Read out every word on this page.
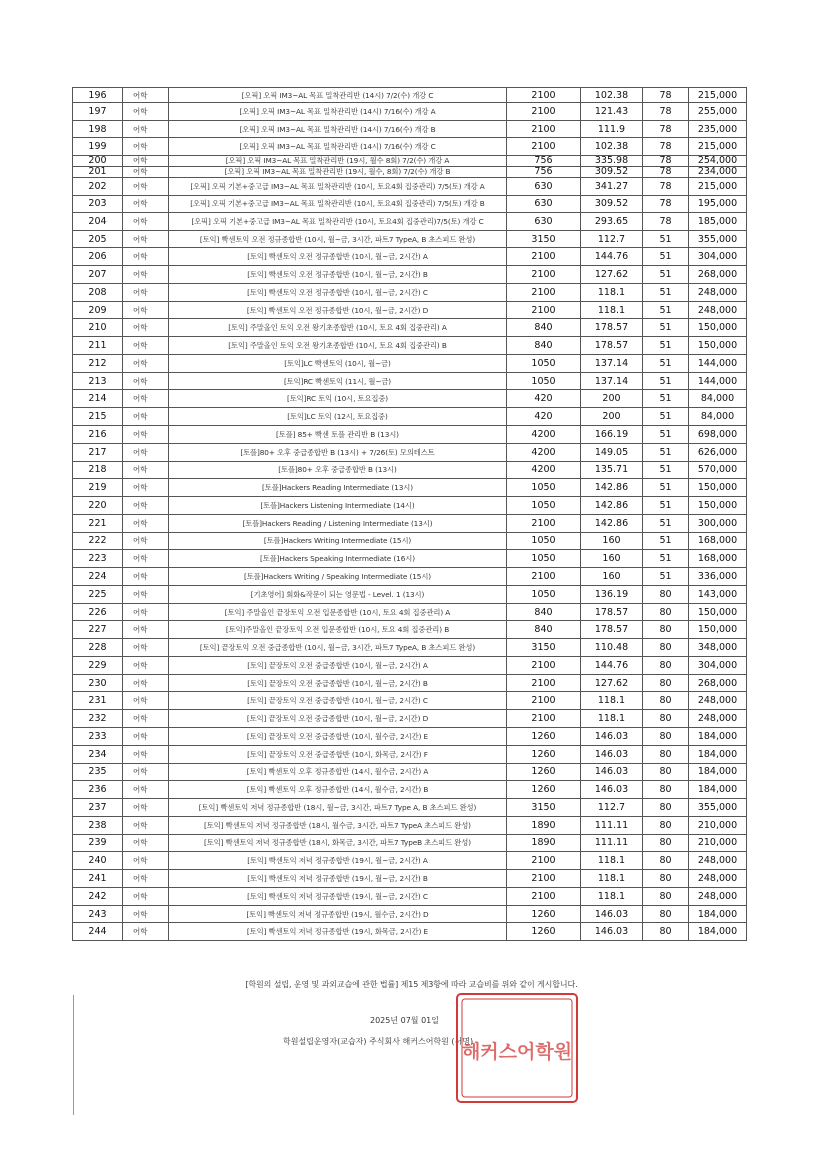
196	어학	[오픽] 오픽 IM3~AL 목표 밀착관리반 (14시) 7/2(수) 개강 C	2100	102.38	78	215,000
197	어학	[오픽] 오픽 IM3~AL 목표 밀착관리반 (14시) 7/16(수) 개강 A	2100	121.43	78	255,000
198	어학	[오픽] 오픽 IM3~AL 목표 밀착관리반 (14시) 7/16(수) 개강 B	2100	111.9	78	235,000
199	어학	[오픽] 오픽 IM3~AL 목표 밀착관리반 (14시) 7/16(수) 개강 C	2100	102.38	78	215,000
200	어학	[오픽] 오픽 IM3~AL 목표 밀착관리반 (19시, 월수 8회) 7/2(수) 개강 A	756	335.98	78	254,000
201	어학	[오픽] 오픽 IM3~AL 목표 밀착관리반 (19시, 월수, 8회) 7/2(수) 개강 B	756	309.52	78	234,000
202	어학	[오픽] 오픽 기본+중고급 IM3~AL 목표 밀착관리반 (10시, 토요4회 집중관리) 7/5(토) 개강 A	630	341.27	78	215,000
203	어학	[오픽] 오픽 기본+중고급 IM3~AL 목표 밀착관리반 (10시, 토요4회 집중관리) 7/5(토) 개강 B	630	309.52	78	195,000
204	어학	[오픽] 오픽 기본+중고급 IM3~AL 목표 밀착관리반 (10시, 토요4회 집중관리)7/5(토) 개강 C	630	293.65	78	185,000
205	어학	[토익] 빡센토익 오전 정규종합반 (10시, 월~금, 3시간, 파트7 TypeA, B 초스피드 완성)	3150	112.7	51	355,000
206	어학	[토익] 빡센토익 오전 정규종합반 (10시, 월~금, 2시간) A	2100	144.76	51	304,000
207	어학	[토익] 빡센토익 오전 정규종합반 (10시, 월~금, 2시간) B	2100	127.62	51	268,000
208	어학	[토익] 빡센토익 오전 정규종합반 (10시, 월~금, 2시간) C	2100	118.1	51	248,000
209	어학	[토익] 빡센토익 오전 정규종합반 (10시, 월~금, 2시간) D	2100	118.1	51	248,000
210	어학	[토익] 주말올인 토익 오전 왕기초종합반 (10시, 토요 4회 집중관리) A	840	178.57	51	150,000
211	어학	[토익] 주말올인 토익 오전 왕기초종합반 (10시, 토요 4회 집중관리) B	840	178.57	51	150,000
212	어학	[토익]LC 빡센토익 (10시, 월~금)	1050	137.14	51	144,000
213	어학	[토익]RC 빡센토익 (11시, 월~금)	1050	137.14	51	144,000
214	어학	[토익]RC 토익 (10시, 토요집중)	420	200	51	84,000
215	어학	[토익]LC 토익 (12시, 토요집중)	420	200	51	84,000
216	어학	[토플] 85+ 빡센 토플 관리반 B (13시)	4200	166.19	51	698,000
217	어학	[토플]80+ 오후 중급종합반 B (13시) + 7/26(토) 모의테스트	4200	149.05	51	626,000
218	어학	[토플]80+ 오후 중급종합반 B (13시)	4200	135.71	51	570,000
219	어학	[토플]Hackers Reading Intermediate (13시)	1050	142.86	51	150,000
220	어학	[토플]Hackers Listening Intermediate (14시)	1050	142.86	51	150,000
221	어학	[토플]Hackers Reading / Listening Intermediate (13시)	2100	142.86	51	300,000
222	어학	[토플]Hackers Writing Intermediate (15시)	1050	160	51	168,000
223	어학	[토플]Hackers Speaking Intermediate (16시)	1050	160	51	168,000
224	어학	[토플]Hackers Writing / Speaking Intermediate (15시)	2100	160	51	336,000
225	어학	[기초영어] 회화&작문이 되는 영문법 - Level. 1 (13시)	1050	136.19	80	143,000
226	어학	[토익] 주말올인 끝장토익 오전 입문종합반 (10시, 토요 4회 집중관리) A	840	178.57	80	150,000
227	어학	[토익]주말올인 끝장토익 오전 입문종합반 (10시, 토요 4회 집중관리) B	840	178.57	80	150,000
228	어학	[토익] 끝장토익 오전 중급종합반 (10시, 월~금, 3시간, 파트7 TypeA, B 초스피드 완성)	3150	110.48	80	348,000
229	어학	[토익] 끝장토익 오전 중급종합반 (10시, 월~금, 2시간) A	2100	144.76	80	304,000
230	어학	[토익] 끝장토익 오전 중급종합반 (10시, 월~금, 2시간) B	2100	127.62	80	268,000
231	어학	[토익] 끝장토익 오전 중급종합반 (10시, 월~금, 2시간) C	2100	118.1	80	248,000
232	어학	[토익] 끝장토익 오전 중급종합반 (10시, 월~금, 2시간) D	2100	118.1	80	248,000
233	어학	[토익] 끝장토익 오전 중급종합반 (10시, 월수금, 2시간) E	1260	146.03	80	184,000
234	어학	[토익] 끝장토익 오전 중급종합반 (10시, 화목금, 2시간) F	1260	146.03	80	184,000
235	어학	[토익] 빡센토익 오후 정규종합반 (14시, 월수금, 2시간) A	1260	146.03	80	184,000
236	어학	[토익] 빡센토익 오후 정규종합반 (14시, 월수금, 2시간) B	1260	146.03	80	184,000
237	어학	[토익] 빡센토익 저녁 정규종합반 (18시, 월~금, 3시간, 파트7 Type A, B 초스피드 완성)	3150	112.7	80	355,000
238	어학	[토익] 빡센토익 저녁 정규종합반 (18시, 월수금, 3시간, 파트7 TypeA 초스피드 완성)	1890	111.11	80	210,000
239	어학	[토익] 빡센토익 저녁 정규종합반 (18시, 화목금, 3시간, 파트7 TypeB 초스피드 완성)	1890	111.11	80	210,000
240	어학	[토익] 빡센토익 저녁 정규종합반 (19시, 월~금, 2시간) A	2100	118.1	80	248,000
241	어학	[토익] 빡센토익 저녁 정규종합반 (19시, 월~금, 2시간) B	2100	118.1	80	248,000
242	어학	[토익] 빡센토익 저녁 정규종합반 (19시, 월~금, 2시간) C	2100	118.1	80	248,000
243	어학	[토익] 빡센토익 저녁 정규종합반 (19시, 월수금, 2시간) D	1260	146.03	80	184,000
244	어학	[토익] 빡센토익 저녁 정규종합반 (19시, 화목금, 2시간) E	1260	146.03	80	184,000
[학원의 설립, 운영 및 과외교습에 관한 법률] 제15 제3항에 따라 교습비를 위와 같이 게시합니다.
2025년 07월 01일
학원설립운영자(교습자) 주식회사 해커스어학원 (서명)
해커스어학원
